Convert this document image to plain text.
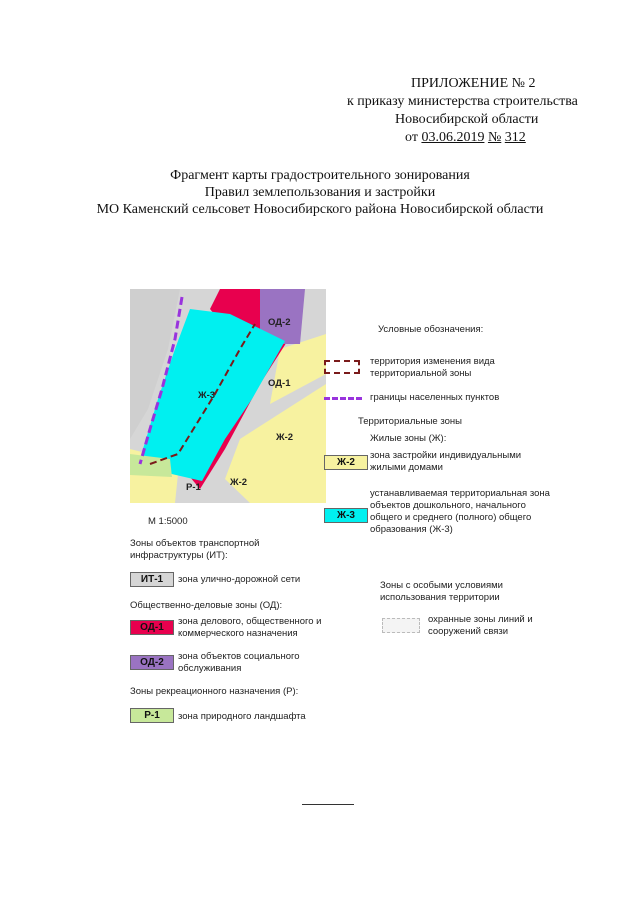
ПРИЛОЖЕНИЕ № 2
к приказу министерства строительства
Новосибирской области
от 03.06.2019 № 312
Фрагмент карты градостроительного зонирования
Правил землепользования и застройки
МО Каменский сельсовет Новосибирского района Новосибирской области
ОД-2
ОД-1
Ж-3
Ж-2
Ж-2
Р-1
М 1:5000
Условные обозначения:
территория изменения вида территориальной зоны
границы населенных пунктов
Территориальные зоны
Жилые зоны (Ж):
Ж-2
зона застройки индивидуальными жилыми домами
Ж-3
устанавливаемая территориальная зона объектов дошкольного, начального общего и среднего (полного) общего образования (Ж-3)
Зоны объектов транспортной инфраструктуры (ИТ):
ИТ-1	зона улично-дорожной сети
Общественно-деловые зоны (ОД):
ОД-1
зона делового, общественного и коммерческого назначения
ОД-2
зона объектов социального обслуживания
Зоны рекреационного назначения (Р):
Р-1	зона природного ландшафта
Зоны с особыми условиями использования территории
охранные зоны линий и сооружений связи
